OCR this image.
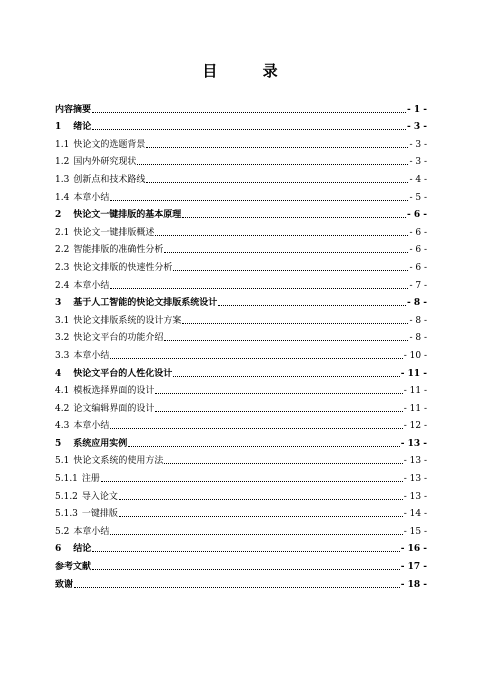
目 录
内容摘要	- 1 -
1 绪论	- 3 -
1.1 快论文的选题背景	- 3 -
1.2 国内外研究现状	- 3 -
1.3 创新点和技术路线	- 4 -
1.4 本章小结	- 5 -
2 快论文一键排版的基本原理	- 6 -
2.1 快论文一键排版概述	- 6 -
2.2 智能排版的准确性分析	- 6 -
2.3 快论文排版的快速性分析	- 6 -
2.4 本章小结	- 7 -
3 基于人工智能的快论文排版系统设计	- 8 -
3.1 快论文排版系统的设计方案	- 8 -
3.2 快论文平台的功能介绍	- 8 -
3.3 本章小结	- 10 -
4 快论文平台的人性化设计	- 11 -
4.1 模板选择界面的设计	- 11 -
4.2 论文编辑界面的设计	- 11 -
4.3 本章小结	- 12 -
5 系统应用实例	- 13 -
5.1 快论文系统的使用方法	- 13 -
5.1.1 注册	- 13 -
5.1.2 导入论文	- 13 -
5.1.3 一键排版	- 14 -
5.2 本章小结	- 15 -
6 结论	- 16 -
参考文献	- 17 -
致谢	- 18 -
